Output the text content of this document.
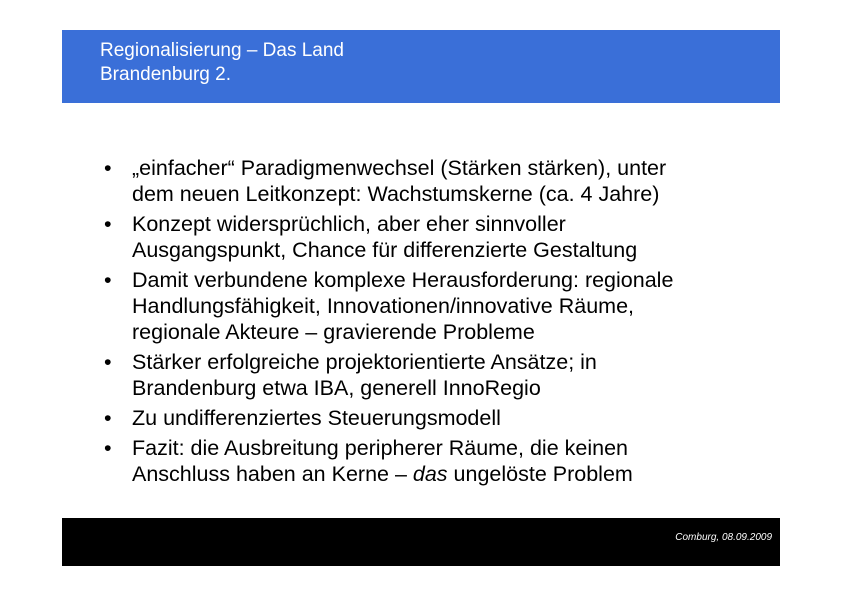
Regionalisierung – Das Land
Brandenburg 2.
• „einfacher“ Paradigmenwechsel (Stärken stärken), unter
dem neuen Leitkonzept: Wachstumskerne (ca. 4 Jahre)
• Konzept widersprüchlich, aber eher sinnvoller
Ausgangspunkt, Chance für differenzierte Gestaltung
• Damit verbundene komplexe Herausforderung: regionale
Handlungsfähigkeit, Innovationen/innovative Räume,
regionale Akteure – gravierende Probleme
• Stärker erfolgreiche projektorientierte Ansätze; in
Brandenburg etwa IBA, generell InnoRegio
• Zu undifferenziertes Steuerungsmodell
• Fazit: die Ausbreitung peripherer Räume, die keinen
Anschluss haben an Kerne – das ungelöste Problem
Comburg, 08.09.2009
